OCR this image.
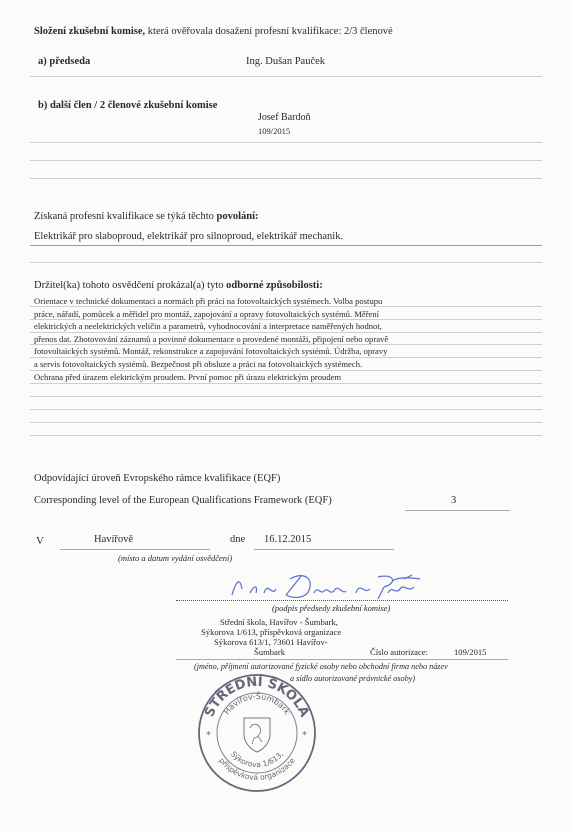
Složení zkušební komise, která ověřovala dosažení profesní kvalifikace: 2/3 členové
a) předseda	Ing. Dušan Pauček
b) další člen / 2 členové zkušební komise
Josef Bardoň
109/2015
Získaná profesní kvalifikace se týká těchto povolání:
Elektrikář pro slaboproud, elektrikář pro silnoproud, elektrikář mechanik.
Držitel(ka) tohoto osvědčení prokázal(a) tyto odborné způsobilosti:
Orientace v technické dokumentaci a normách při práci na fotovoltaických systémech. Volba postupu
práce, nářadí, pomůcek a měřidel pro montáž, zapojování a opravy fotovoltaických systémů. Měření
elektrických a neelektrických veličin a parametrů, vyhodnocování a interpretace naměřených hodnot,
přenos dat. Zhotovování záznamů a povinné dokumentace o provedené montáži, připojení nebo opravě
fotovoltaických systémů. Montáž, rekonstrukce a zapojování fotovoltaických systémů. Údržba, opravy
a servis fotovoltaických systémů. Bezpečnost při obsluze a práci na fotovoltaických systémech.
Ochrana před úrazem elektrickým proudem. První pomoc při úrazu elektrickým proudem
Odpovídající úroveň Evropského rámce kvalifikace (EQF)
Corresponding level of the European Qualifications Framework (EQF)	3
V	Havířově	dne 16.12.2015
(místo a datum vydání osvědčení)
(podpis předsedy zkušební komise)
Střední škola, Havířov - Šumbark,
Sýkorova 1/613, příspěvková organizace
Sýkorova 613/1, 73601 Havířov-
Šumbark	Číslo autorizace:	109/2015
(jméno, příjmení autorizované fyzické osoby nebo obchodní firma nebo název
a sídlo autorizované právnické osoby)
STŘEDNÍ ŠKOLA
Havířov-Šumbark
Sýkorova 1/613,
příspěvková organizace
*	*
